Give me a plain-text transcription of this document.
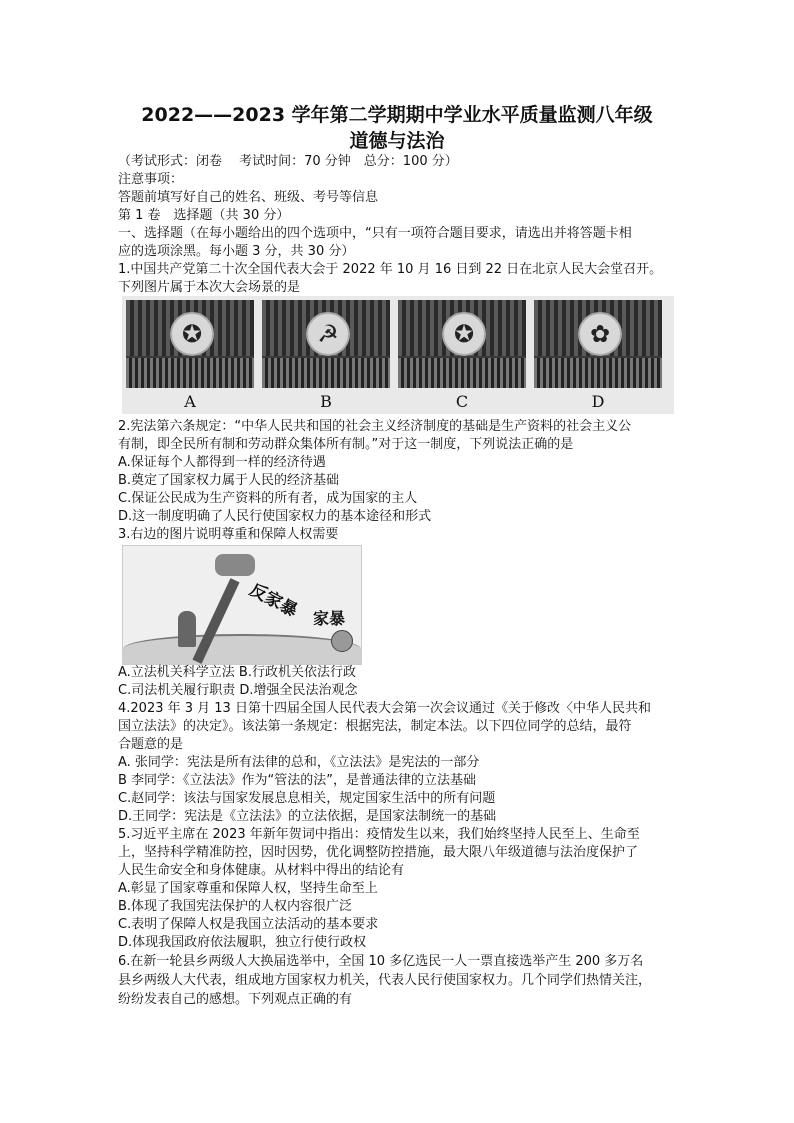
2022——2023 学年第二学期期中学业水平质量监测八年级
道德与法治
（考试形式：闭卷　 考试时间：70 分钟　总分：100 分）
注意事项：
答题前填写好自己的姓名、班级、考号等信息
第 1 卷　选择题（共 30 分）
一、选择题（在每小题给出的四个选项中，“只有一项符合题目要求，请选出并将答题卡相
应的选项涂黑。每小题 3 分，共 30 分）
1.中国共产党第二十次全国代表大会于 2022 年 10 月 16 日到 22 日在北京人民大会堂召开。
下列图片属于本次大会场景的是
✪
A
☭
B
✪
C
✿
D
2.宪法第六条规定：“中华人民共和国的社会主义经济制度的基础是生产资料的社会主义公
有制，即全民所有制和劳动群众集体所有制。”对于这一制度，下列说法正确的是
A.保证每个人都得到一样的经济待遇
B.奠定了国家权力属于人民的经济基础
C.保证公民成为生产资料的所有者，成为国家的主人
D.这一制度明确了人民行使国家权力的基本途径和形式
3.右边的图片说明尊重和保障人权需要
反家暴 家暴
A.立法机关科学立法 B.行政机关依法行政
C.司法机关履行职责 D.增强全民法治观念
4.2023 年 3 月 13 日第十四届全国人民代表大会第一次会议通过《关于修改〈中华人民共和
国立法法》的决定》。该法第一条规定：根据宪法，制定本法。以下四位同学的总结，最符
合题意的是
A. 张同学：宪法是所有法律的总和，《立法法》是宪法的一部分
B 李同学：《立法法》作为“管法的法”，是普通法律的立法基础
C.赵同学：该法与国家发展息息相关，规定国家生活中的所有问题
D.王同学：宪法是《立法法》的立法依据，是国家法制统一的基础
5.习近平主席在 2023 年新年贺词中指出：疫情发生以来，我们始终坚持人民至上、生命至
上，坚持科学精准防控，因时因势，优化调整防控措施，最大限八年级道德与法治度保护了
人民生命安全和身体健康。从材料中得出的结论有
A.彰显了国家尊重和保障人权，坚持生命至上
B.体现了我国宪法保护的人权内容很广泛
C.表明了保障人权是我国立法活动的基本要求
D.体现我国政府依法履职，独立行使行政权
6.在新一轮县乡两级人大换届选举中，全国 10 多亿选民一人一票直接选举产生 200 多万名
县乡两级人大代表，组成地方国家权力机关，代表人民行使国家权力。几个同学们热情关注，
纷纷发表自己的感想。下列观点正确的有
